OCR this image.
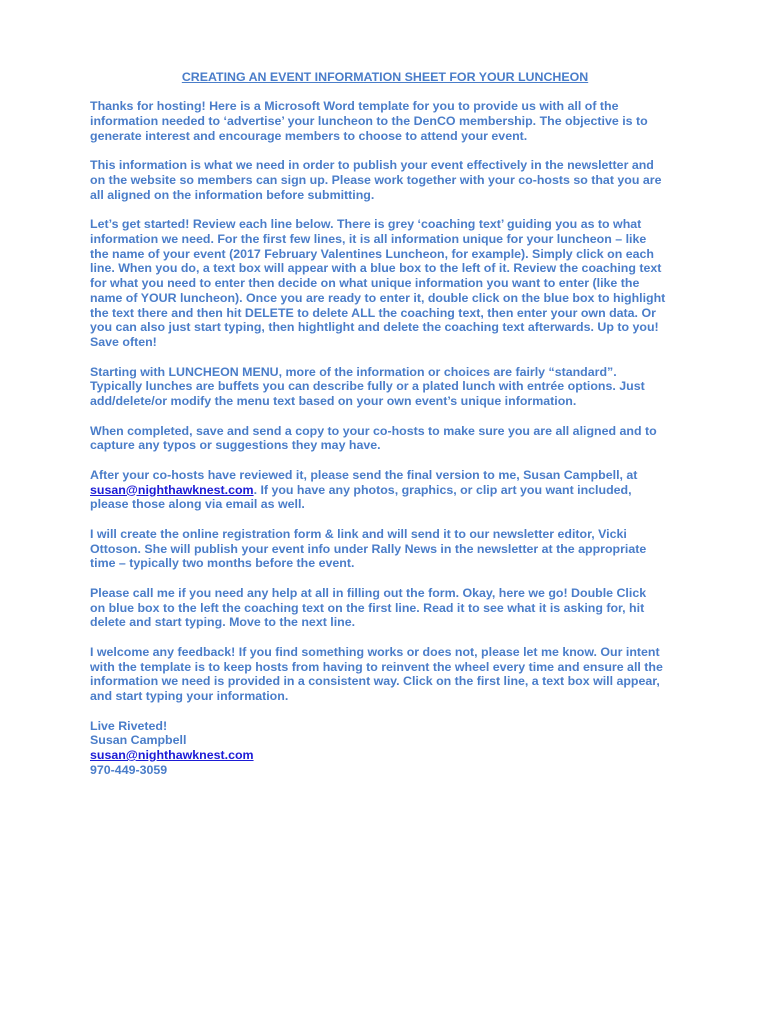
CREATING AN EVENT INFORMATION SHEET FOR YOUR LUNCHEON
Thanks for hosting! Here is a Microsoft Word template for you to provide us with all of the
information needed to ‘advertise’ your luncheon to the DenCO membership. The objective is to
generate interest and encourage members to choose to attend your event.
This information is what we need in order to publish your event effectively in the newsletter and
on the website so members can sign up. Please work together with your co-hosts so that you are
all aligned on the information before submitting.
Let’s get started! Review each line below. There is grey ‘coaching text’ guiding you as to what
information we need. For the first few lines, it is all information unique for your luncheon – like
the name of your event (2017 February Valentines Luncheon, for example). Simply click on each
line. When you do, a text box will appear with a blue box to the left of it. Review the coaching text
for what you need to enter then decide on what unique information you want to enter (like the
name of YOUR luncheon). Once you are ready to enter it, double click on the blue box to highlight
the text there and then hit DELETE to delete ALL the coaching text, then enter your own data. Or
you can also just start typing, then hightlight and delete the coaching text afterwards. Up to you!
Save often!
Starting with LUNCHEON MENU, more of the information or choices are fairly “standard”.
Typically lunches are buffets you can describe fully or a plated lunch with entrée options. Just
add/delete/or modify the menu text based on your own event’s unique information.
When completed, save and send a copy to your co-hosts to make sure you are all aligned and to
capture any typos or suggestions they may have.
After your co-hosts have reviewed it, please send the final version to me, Susan Campbell, at
susan@nighthawknest.com. If you have any photos, graphics, or clip art you want included,
please those along via email as well.
I will create the online registration form & link and will send it to our newsletter editor, Vicki
Ottoson. She will publish your event info under Rally News in the newsletter at the appropriate
time – typically two months before the event.
Please call me if you need any help at all in filling out the form. Okay, here we go! Double Click
on blue box to the left the coaching text on the first line. Read it to see what it is asking for, hit
delete and start typing. Move to the next line.
I welcome any feedback! If you find something works or does not, please let me know. Our intent
with the template is to keep hosts from having to reinvent the wheel every time and ensure all the
information we need is provided in a consistent way. Click on the first line, a text box will appear,
and start typing your information.
Live Riveted!
Susan Campbell
susan@nighthawknest.com
970-449-3059
